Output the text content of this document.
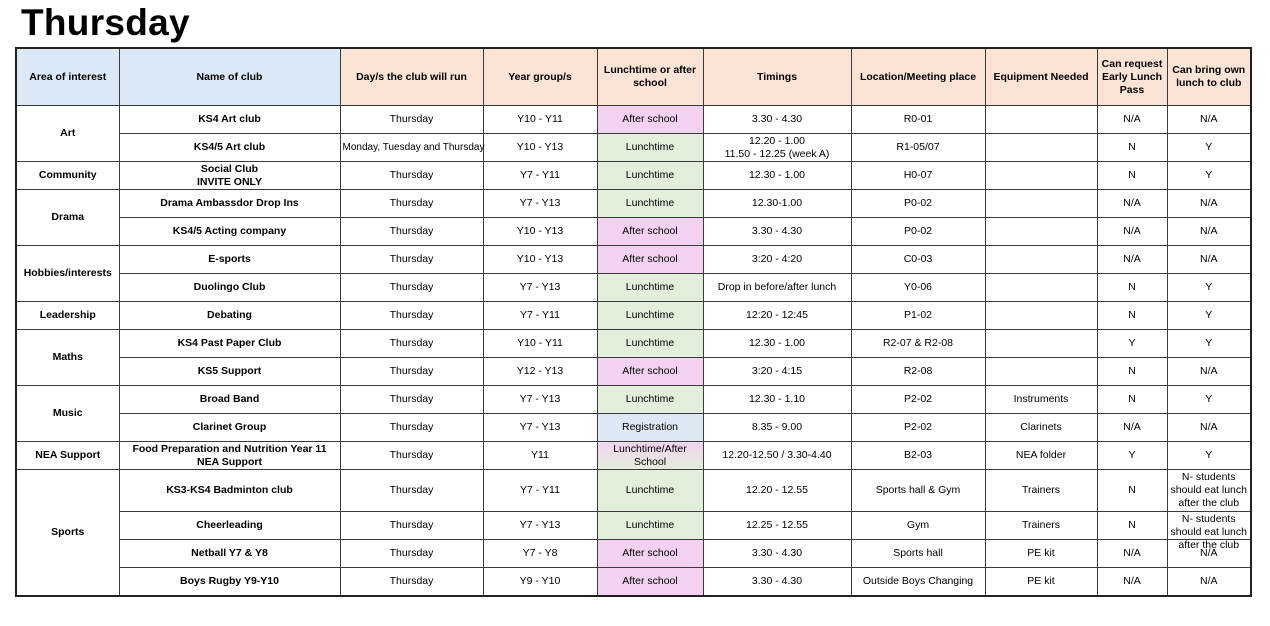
Thursday
Area of interest	Name of club	Day/s the club will run	Year group/s	Lunchtime or after school	Timings	Location/Meeting place	Equipment Needed	Can request Early Lunch Pass	Can bring own lunch to club
Art	KS4 Art club	Thursday	Y10 - Y11	After school	3.30 - 4.30	R0-01		N/A	N/A
	KS4/5 Art club	Monday, Tuesday and Thursday	Y10 - Y13	Lunchtime	12.20 - 1.00
11.50 - 12.25 (week A)	R1-05/07		N	Y
Community	Social Club
INVITE ONLY	Thursday	Y7 - Y11	Lunchtime	12.30 - 1.00	H0-07		N	Y
Drama	Drama Ambassdor Drop Ins	Thursday	Y7 - Y13	Lunchtime	12.30-1.00	P0-02		N/A	N/A
	KS4/5 Acting company	Thursday	Y10 - Y13	After school	3.30 - 4.30	P0-02		N/A	N/A
Hobbies/interests	E-sports	Thursday	Y10 - Y13	After school	3:20 - 4:20	C0-03		N/A	N/A
	Duolingo Club	Thursday	Y7 - Y13	Lunchtime	Drop in before/after lunch	Y0-06		N	Y
Leadership	Debating	Thursday	Y7 - Y11	Lunchtime	12:20 - 12:45	P1-02		N	Y
Maths	KS4 Past Paper Club	Thursday	Y10 - Y11	Lunchtime	12.30 - 1.00	R2-07 & R2-08		Y	Y
	KS5 Support	Thursday	Y12 - Y13	After school	3:20 - 4:15	R2-08		N	N/A
Music	Broad Band	Thursday	Y7 - Y13	Lunchtime	12.30 - 1.10	P2-02	Instruments	N	Y
	Clarinet Group	Thursday	Y7 - Y13	Registration	8.35 - 9.00	P2-02	Clarinets	N/A	N/A
NEA Support	Food Preparation and Nutrition Year 11 NEA Support	Thursday	Y11	Lunchtime/After School	12.20-12.50 / 3.30-4.40	B2-03	NEA folder	Y	Y
Sports	KS3-KS4 Badminton club	Thursday	Y7 - Y11	Lunchtime	12.20 - 12.55	Sports hall & Gym	Trainers	N	N- students should eat lunch after the club

	Cheerleading	Thursday	Y7 - Y13	Lunchtime	12.25 - 12.55	Gym	Trainers	N	N- students should eat lunch after the club

	Netball Y7 & Y8	Thursday	Y7 - Y8	After school	3.30 - 4.30	Sports hall	PE kit	N/A	N/A
	Boys Rugby Y9-Y10	Thursday	Y9 - Y10	After school	3.30 - 4.30	Outside Boys Changing	PE kit	N/A	N/A
